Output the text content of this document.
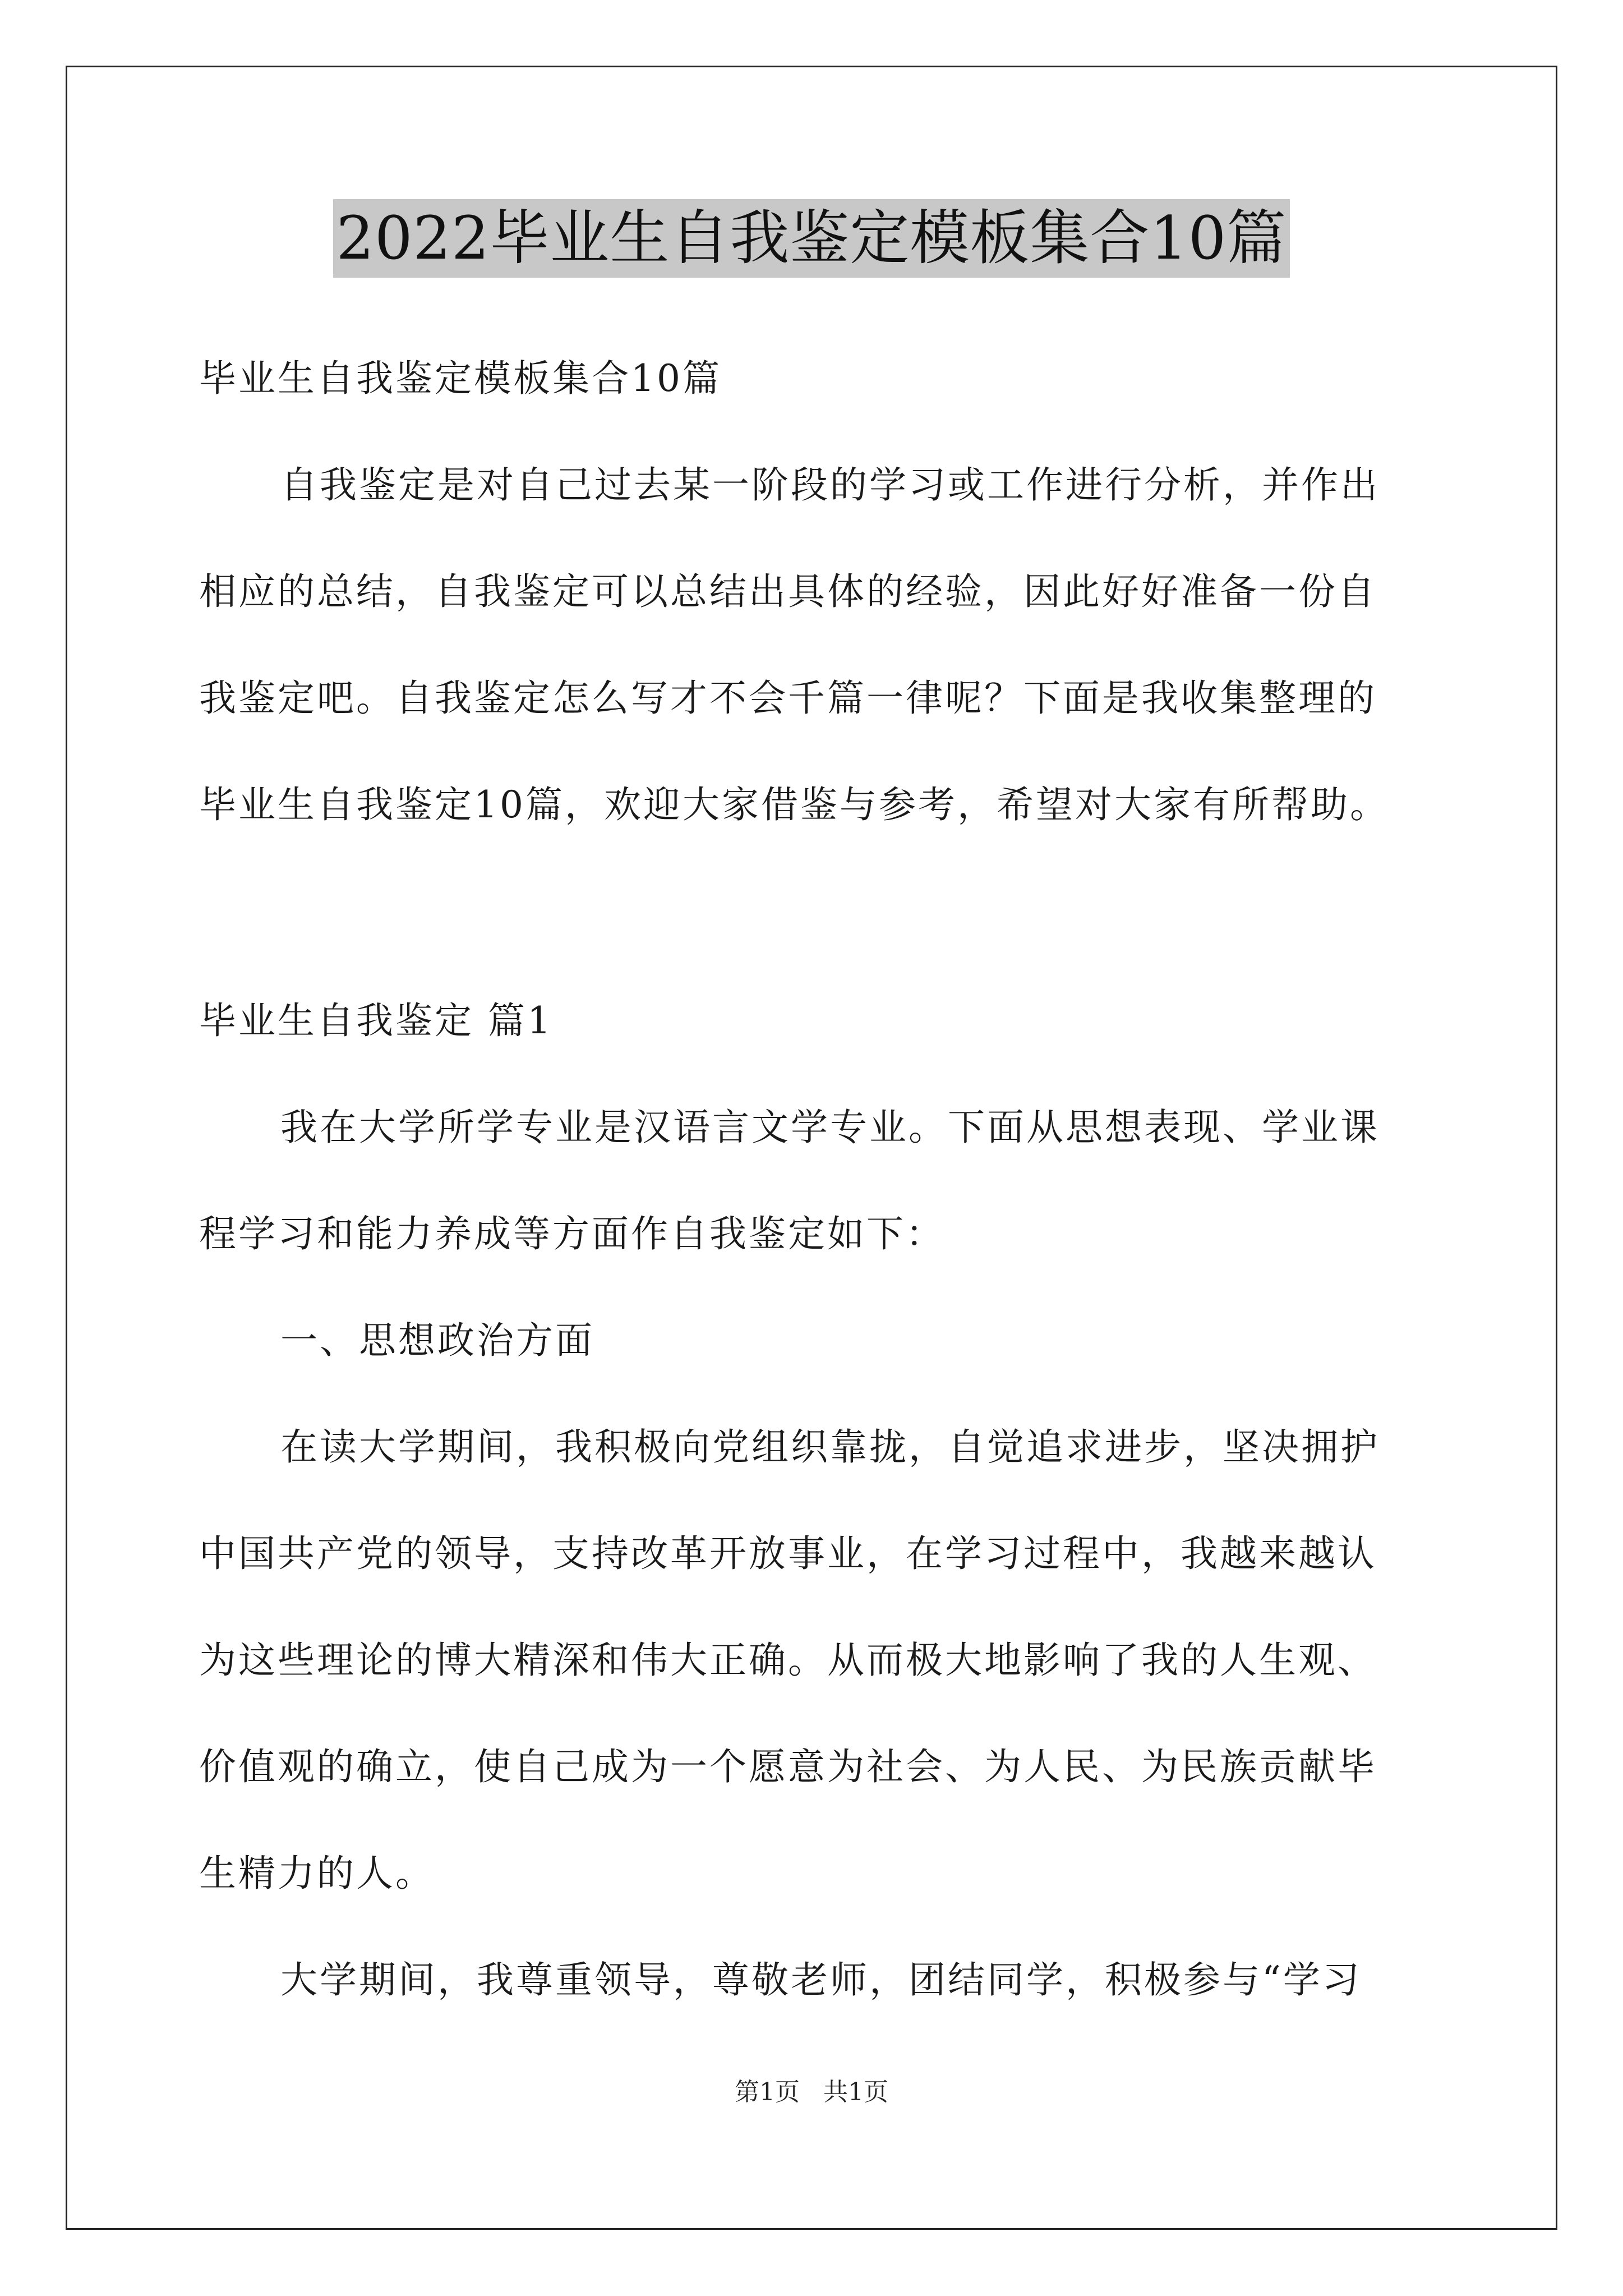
2022毕业生自我鉴定模板集合10篇
毕业生自我鉴定模板集合10篇
自我鉴定是对自己过去某一阶段的学习或工作进行分析，并作出
相应的总结，自我鉴定可以总结出具体的经验，因此好好准备一份自
我鉴定吧。自我鉴定怎么写才不会千篇一律呢？下面是我收集整理的
毕业生自我鉴定10篇，欢迎大家借鉴与参考，希望对大家有所帮助。
毕业生自我鉴定 篇1
我在大学所学专业是汉语言文学专业。下面从思想表现、学业课
程学习和能力养成等方面作自我鉴定如下：
一、思想政治方面
在读大学期间，我积极向党组织靠拢，自觉追求进步，坚决拥护
中国共产党的领导，支持改革开放事业，在学习过程中，我越来越认
为这些理论的博大精深和伟大正确。从而极大地影响了我的人生观、
价值观的确立，使自己成为一个愿意为社会、为人民、为民族贡献毕
生精力的人。
大学期间，我尊重领导，尊敬老师，团结同学，积极参与“学习
第1页 共1页
